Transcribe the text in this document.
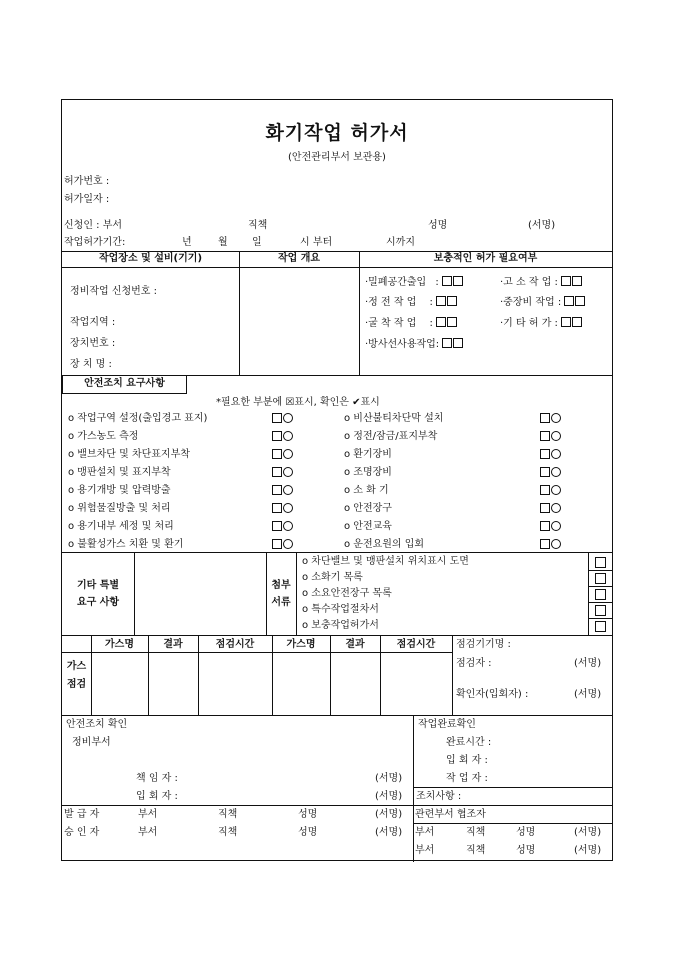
화기작업 허가서
(안전관리부서 보관용)
허가번호 :
허가일자 :
신청인 : 부서	직책	성명	(서명)
작업허가기간:	년	월 일	시 부터	시까지
작업장소 및 설비(기기)	작업 개요	보충적인 허가 필요여부
정비작업 신청번호 :
작업지역 :
장치번호 :
장 치 명 :
·밀폐공간출입 :	·고 소 작 업 :
·정 전 작 업 :	·중장비 작업 :
·굴 착 작 업 :	·기 타 허 가 :
·방사선사용작업:
안전조치 요구사항
*필요한 부분에 ☒표시, 확인은 ✔표시
o 작업구역 설정(출입경고 표지)
o 가스농도 측정
o 밸브차단 및 차단표지부착
o 맹판설치 및 표지부착
o 용기개방 및 압력방출
o 위험물질방출 및 처리
o 용기내부 세정 및 처리
o 불활성가스 치환 및 환기
o 비산불티차단막 설치
o 정전/잠금/표지부착
o 환기장비
o 조명장비
o 소 화 기
o 안전장구
o 안전교육
o 운전요원의 입회
기타 특별
요구 사항
첨부
서류
o 차단밸브 및 맹판설치 위치표시 도면
o 소화기 목록
o 소요안전장구 목록
o 특수작업절차서
o 보충작업허가서
가스
점검
가스명	결과	점검시간	가스명	결과	점검시간	점검기기명 :
점검자 :	(서명)
확인자(입회자) :	(서명)
안전조치 확인
정비부서
책 임 자 :	(서명)
입 회 자 :	(서명)
작업완료확인
완료시간 :
입 회 자 :
작 업 자 :
조치사항 :
발 급 자	부서	직책	성명	(서명)
승 인 자	부서	직책	성명	(서명)
관련부서 협조자
부서	직책	성명	(서명)
부서	직책	성명	(서명)
